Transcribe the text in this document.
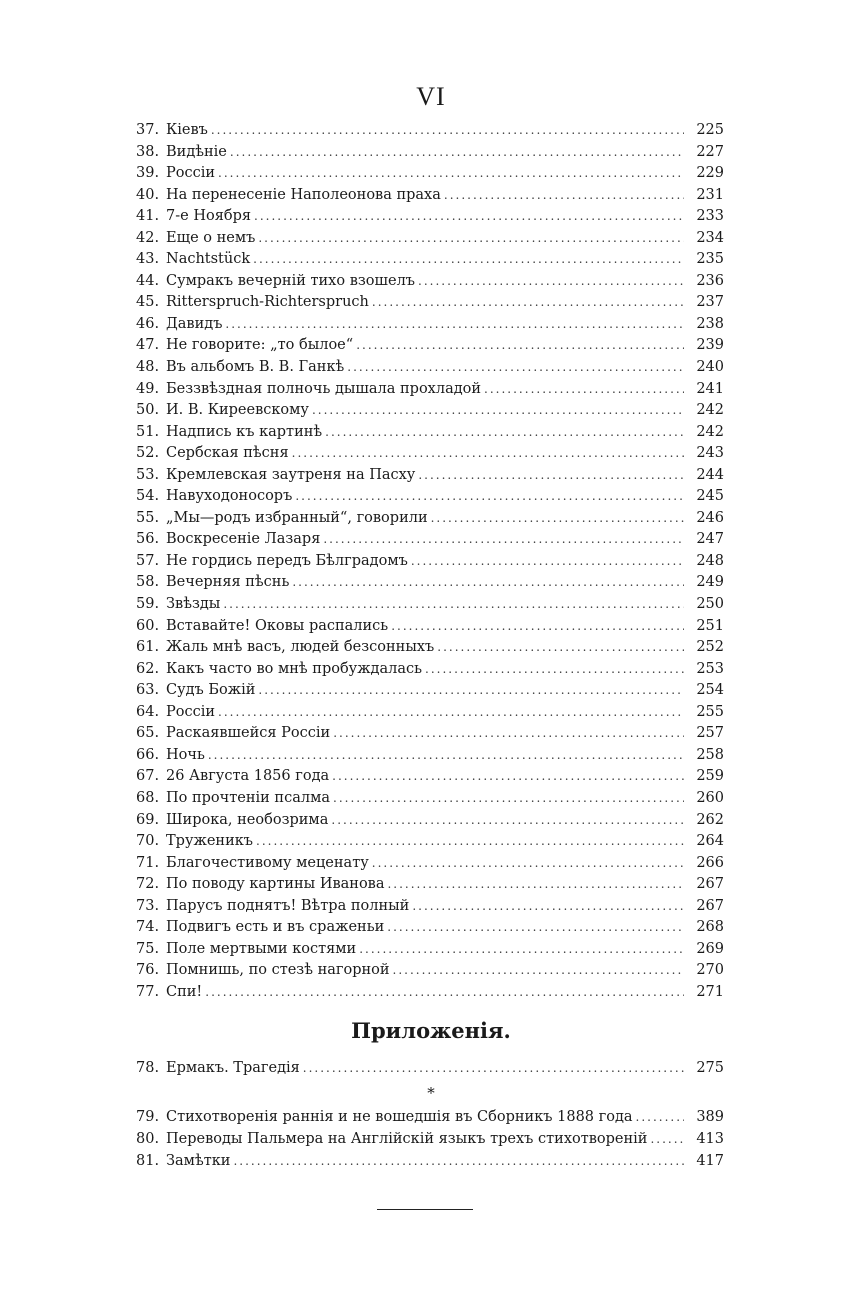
VI
37. Кіевъ .....	225
38. Видѣніе .....	227
39. Россіи .....	229
40. На перенесеніе Наполеонова праха .....	231
41. 7-е Ноября .....	233
42. Еще о немъ .....	234
43. Nachtstück .....	235
44. Сумракъ вечерній тихо взошелъ .....	236
45. Ritterspruch-Richterspruch .....	237
46. Давидъ .....	238
47. Не говорите: „то былое“ .....	239
48. Въ альбомъ В. В. Ганкѣ .....	240
49. Беззвѣздная полночь дышала прохладой .....	241
50. И. В. Киреевскому .....	242
51. Надпись къ картинѣ .....	242
52. Сербская пѣсня .....	243
53. Кремлевская заутреня на Пасху .....	244
54. Навуходоносоръ .....	245
55. „Мы—родъ избранный“, говорили .....	246
56. Воскресеніе Лазаря .....	247
57. Не гордись передъ Бѣлградомъ .....	248
58. Вечерняя пѣснь .....	249
59. Звѣзды .....	250
60. Вставайте! Оковы распались .....	251
61. Жаль мнѣ васъ, людей безсонныхъ .....	252
62. Какъ часто во мнѣ пробуждалась .....	253
63. Судъ Божій .....	254
64. Россіи .....	255
65. Раскаявшейся Россіи .....	257
66. Ночь .....	258
67. 26 Августа 1856 года .....	259
68. По прочтеніи псалма .....	260
69. Широка, необозрима .....	262
70. Труженикъ .....	264
71. Благочестивому меценату .....	266
72. По поводу картины Иванова .....	267
73. Парусъ поднятъ! Вѣтра полный .....	267
74. Подвигъ есть и въ сраженьи .....	268
75. Поле мертвыми костями .....	269
76. Помнишь, по стезѣ нагорной .....	270
77. Спи! .....	271
Приложенія.
78. Ермакъ. Трагедія .....	275
*
79. Стихотворенія раннія и не вошедшія въ Сборникъ 1888 года .....	389
80. Переводы Пальмера на Англійскій языкъ трехъ стихотвореній .....	413
81. Замѣтки .....	417
